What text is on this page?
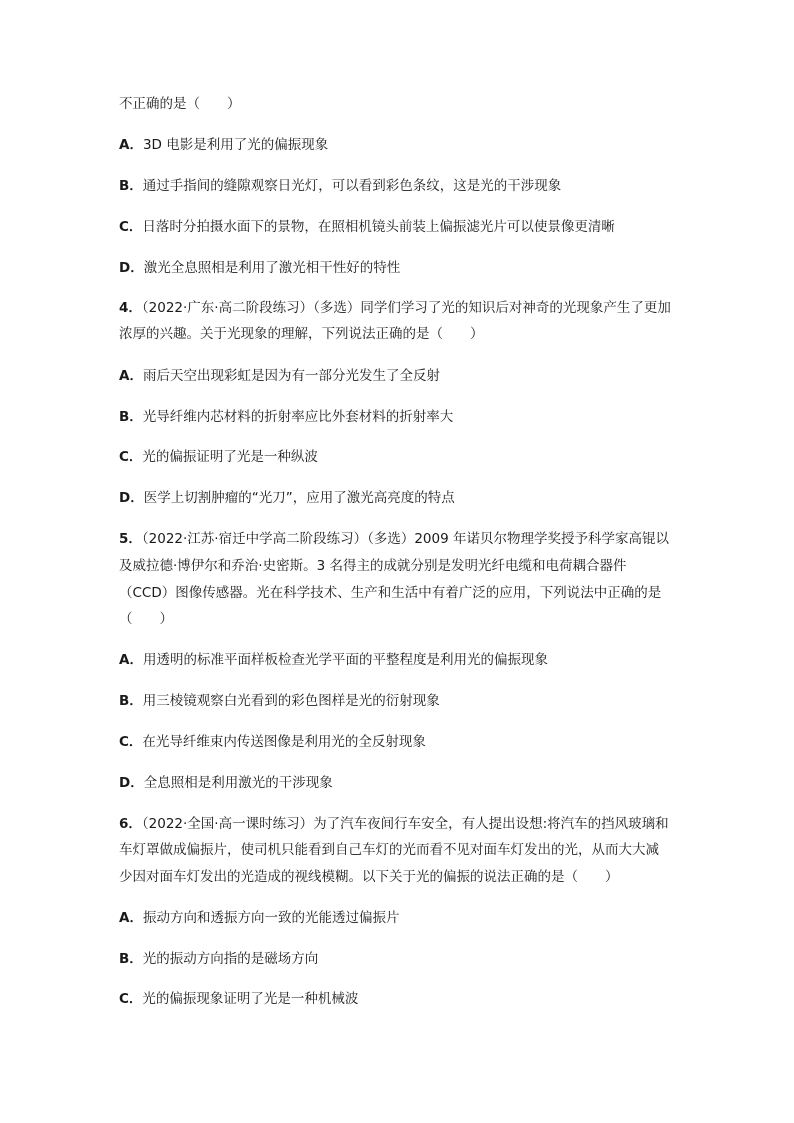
不正确的是（　　）
A．3D 电影是利用了光的偏振现象
B．通过手指间的缝隙观察日光灯，可以看到彩色条纹，这是光的干涉现象
C．日落时分拍摄水面下的景物，在照相机镜头前装上偏振滤光片可以使景像更清晰
D．激光全息照相是利用了激光相干性好的特性
4．（2022·广东·高二阶段练习）（多选）同学们学习了光的知识后对神奇的光现象产生了更加
浓厚的兴趣。关于光现象的理解，下列说法正确的是（　　）
A．雨后天空出现彩虹是因为有一部分光发生了全反射
B．光导纤维内芯材料的折射率应比外套材料的折射率大
C．光的偏振证明了光是一种纵波
D．医学上切割肿瘤的“光刀”，应用了激光高亮度的特点
5．（2022·江苏·宿迁中学高二阶段练习）（多选）2009 年诺贝尔物理学奖授予科学家高锟以
及威拉德·博伊尔和乔治·史密斯。3 名得主的成就分别是发明光纤电缆和电荷耦合器件
（CCD）图像传感器。光在科学技术、生产和生活中有着广泛的应用，下列说法中正确的是
（　　）
A．用透明的标准平面样板检查光学平面的平整程度是利用光的偏振现象
B．用三棱镜观察白光看到的彩色图样是光的衍射现象
C．在光导纤维束内传送图像是利用光的全反射现象
D．全息照相是利用激光的干涉现象
6．（2022·全国·高一课时练习）为了汽车夜间行车安全，有人提出设想:将汽车的挡风玻璃和
车灯罩做成偏振片，使司机只能看到自己车灯的光而看不见对面车灯发出的光，从而大大减
少因对面车灯发出的光造成的视线模糊。以下关于光的偏振的说法正确的是（　　）
A．振动方向和透振方向一致的光能透过偏振片
B．光的振动方向指的是磁场方向
C．光的偏振现象证明了光是一种机械波
